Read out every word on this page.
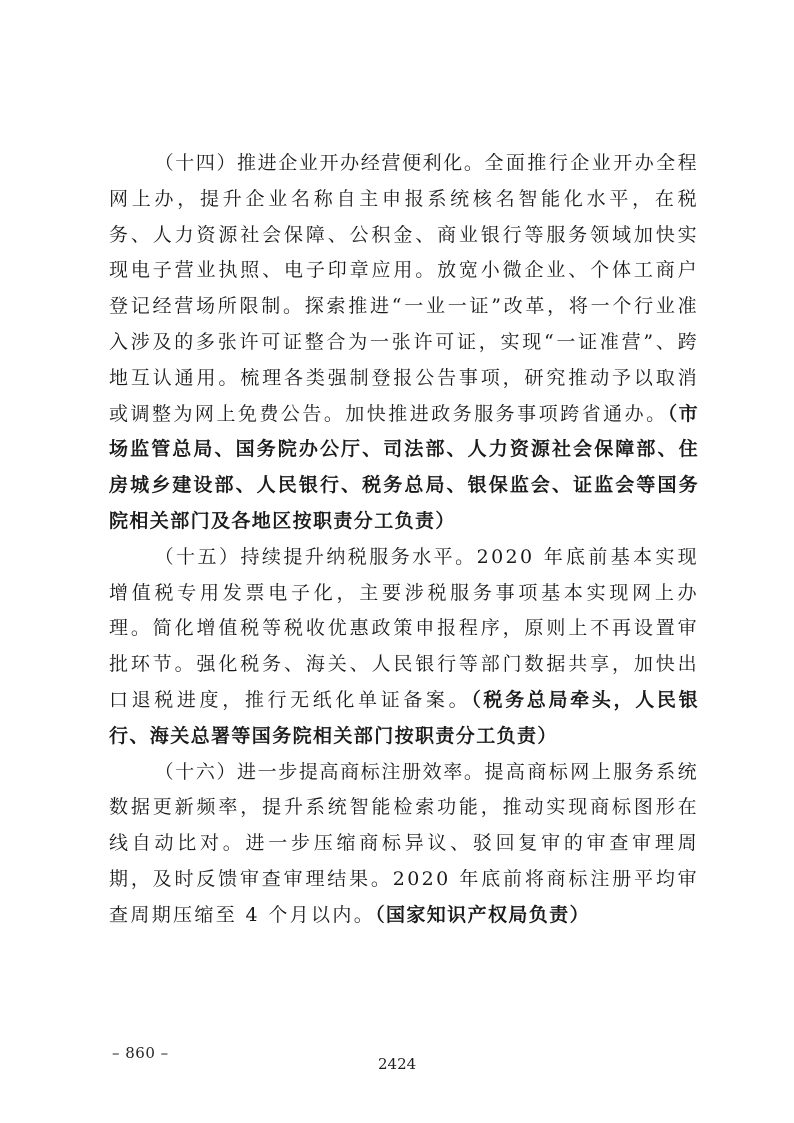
（十四）推进企业开办经营便利化。全面推行企业开办全程网上办，提升企业名称自主申报系统核名智能化水平，在税务、人力资源社会保障、公积金、商业银行等服务领域加快实现电子营业执照、电子印章应用。放宽小微企业、个体工商户登记经营场所限制。探索推进“一业一证”改革，将一个行业准入涉及的多张许可证整合为一张许可证，实现“一证准营”、跨地互认通用。梳理各类强制登报公告事项，研究推动予以取消或调整为网上免费公告。加快推进政务服务事项跨省通办。（市场监管总局、国务院办公厅、司法部、人力资源社会保障部、住房城乡建设部、人民银行、税务总局、银保监会、证监会等国务院相关部门及各地区按职责分工负责）

（十五）持续提升纳税服务水平。2020 年底前基本实现增值税专用发票电子化，主要涉税服务事项基本实现网上办理。简化增值税等税收优惠政策申报程序，原则上不再设置审批环节。强化税务、海关、人民银行等部门数据共享，加快出口退税进度，推行无纸化单证备案。（税务总局牵头，人民银行、海关总署等国务院相关部门按职责分工负责）

（十六）进一步提高商标注册效率。提高商标网上服务系统数据更新频率，提升系统智能检索功能，推动实现商标图形在线自动比对。进一步压缩商标异议、驳回复审的审查审理周期，及时反馈审查审理结果。2020 年底前将商标注册平均审查周期压缩至 4 个月以内。（国家知识产权局负责）

– 860 –
2424
